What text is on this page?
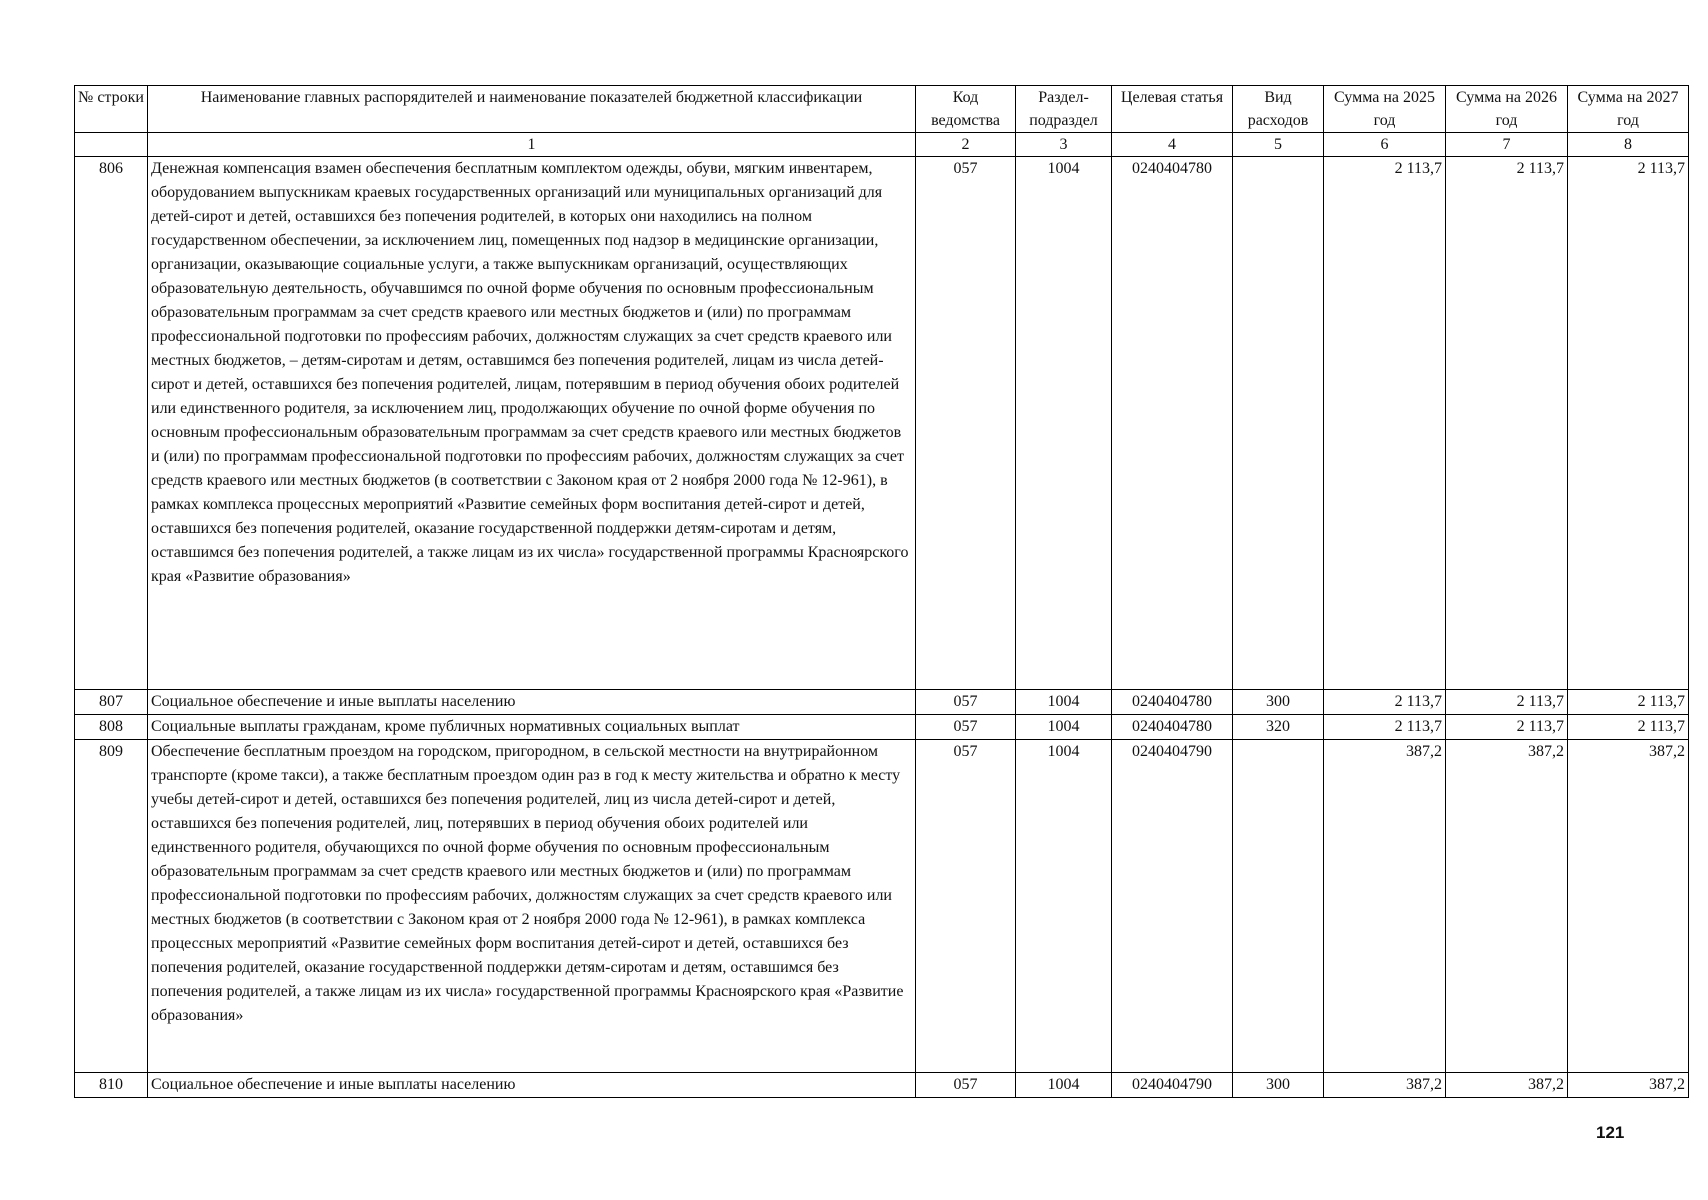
№ строки	Наименование главных распорядителей и наименование показателей бюджетной классификации	Код ведомства	Раздел-подраздел	Целевая статья	Вид расходов	Сумма на 2025 год	Сумма на 2026 год	Сумма на 2027 год
	1	2	3	4	5	6	7	8
806	Денежная компенсация взамен обеспечения бесплатным комплектом одежды, обуви, мягким инвентарем, оборудованием выпускникам краевых государственных организаций или муниципальных организаций для детей-сирот и детей, оставшихся без попечения родителей, в которых они находились на полном государственном обеспечении, за исключением лиц, помещенных под надзор в медицинские организации, организации, оказывающие социальные услуги, а также выпускникам организаций, осуществляющих образовательную деятельность, обучавшимся по очной форме обучения по основным профессиональным образовательным программам за счет средств краевого или местных бюджетов и (или) по программам профессиональной подготовки по профессиям рабочих, должностям служащих за счет средств краевого или местных бюджетов, – детям-сиротам и детям, оставшимся без попечения родителей, лицам из числа детей-сирот и детей, оставшихся без попечения родителей, лицам, потерявшим в период обучения обоих родителей или единственного родителя, за исключением лиц, продолжающих обучение по очной форме обучения по основным профессиональным образовательным программам за счет средств краевого или местных бюджетов и (или) по программам профессиональной подготовки по профессиям рабочих, должностям служащих за счет средств краевого или местных бюджетов (в соответствии с Законом края от 2 ноября 2000 года № 12-961), в рамках комплекса процессных мероприятий «Развитие семейных форм воспитания детей-сирот и детей, оставшихся без попечения родителей, оказание государственной поддержки детям-сиротам и детям, оставшимся без попечения родителей, а также лицам из их числа» государственной программы Красноярского края «Развитие образования»	057	1004	0240404780		2 113,7	2 113,7	2 113,7
807	Социальное обеспечение и иные выплаты населению	057	1004	0240404780	300	2 113,7	2 113,7	2 113,7
808	Социальные выплаты гражданам, кроме публичных нормативных социальных выплат	057	1004	0240404780	320	2 113,7	2 113,7	2 113,7
809	Обеспечение бесплатным проездом на городском, пригородном, в сельской местности на внутрирайонном транспорте (кроме такси), а также бесплатным проездом один раз в год к месту жительства и обратно к месту учебы детей-сирот и детей, оставшихся без попечения родителей, лиц из числа детей-сирот и детей, оставшихся без попечения родителей, лиц, потерявших в период обучения обоих родителей или единственного родителя, обучающихся по очной форме обучения по основным профессиональным образовательным программам за счет средств краевого или местных бюджетов и (или) по программам профессиональной подготовки по профессиям рабочих, должностям служащих за счет средств краевого или местных бюджетов (в соответствии с Законом края от 2 ноября 2000 года № 12-961), в рамках комплекса процессных мероприятий «Развитие семейных форм воспитания детей-сирот и детей, оставшихся без попечения родителей, оказание государственной поддержки детям-сиротам и детям, оставшимся без попечения родителей, а также лицам из их числа» государственной программы Красноярского края «Развитие образования»	057	1004	0240404790		387,2	387,2	387,2
810	Социальное обеспечение и иные выплаты населению	057	1004	0240404790	300	387,2	387,2	387,2
121
